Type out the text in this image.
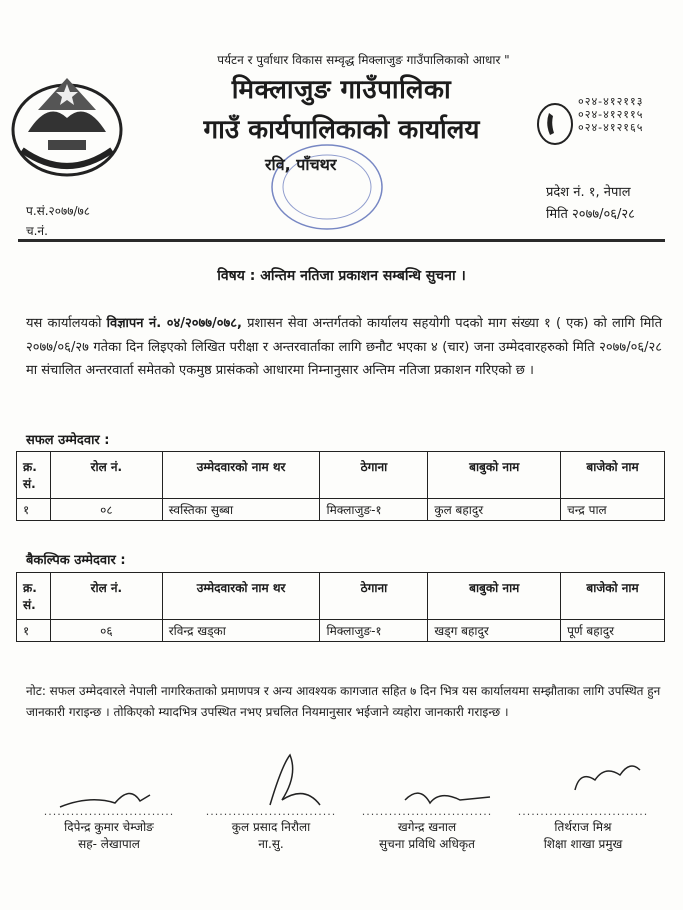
पर्यटन र पुर्वाधार विकास सम्वृद्ध मिक्लाजुङ गाउँपालिकाको आधार "
मिक्लाजुङ गाउँपालिका
गाउँ कार्यपालिकाको कार्यालय
रवि, पाँचथर
०२४-४१२११३
०२४-४१२११५
०२४-४१२१६५
प्रदेश नं. १, नेपाल
मिति २०७७/०६/२८
प.सं.२०७७/७८
च.नं.
विषय : अन्तिम नतिजा प्रकाशन सम्बन्धि सुचना ।
यस कार्यालयको विज्ञापन नं. ०४/२०७७/०७८, प्रशासन सेवा अन्तर्गतको कार्यालय सहयोगी पदको माग संख्या १ ( एक) को लागि मिति २०७७/०६/२७ गतेका दिन लिइएको लिखित परीक्षा र अन्तरवार्ताका लागि छनौट भएका ४ (चार) जना उम्मेदवारहरुको मिति २०७७/०६/२८ मा संचालित अन्तरवार्ता समेतको एकमुष्ठ प्रासंकको आधारमा निम्नानुसार अन्तिम नतिजा प्रकाशन गरिएको छ ।
सफल उम्मेदवार :
क्र. सं.	रोल नं.	उम्मेदवारको नाम थर	ठेगाना	बाबुको नाम	बाजेको नाम
१	०८	स्वस्तिका सुब्बा	मिक्लाजुङ-१	कुल बहादुर	चन्द्र पाल
बैकल्पिक उम्मेदवार :
क्र. सं.	रोल नं.	उम्मेदवारको नाम थर	ठेगाना	बाबुको नाम	बाजेको नाम
१	०६	रविन्द्र खड्का	मिक्लाजुङ-१	खड्ग बहादुर	पूर्ण बहादुर
नोट: सफल उम्मेदवारले नेपाली नागरिकताको प्रमाणपत्र र अन्य आवश्यक कागजात सहित ७ दिन भित्र यस कार्यालयमा सम्झौताका लागि उपस्थित हुन जानकारी गराइन्छ । तोकिएको म्यादभित्र उपस्थित नभए प्रचलित नियमानुसार भईजाने व्यहोरा जानकारी गराइन्छ ।
.............................
दिपेन्द्र कुमार चेम्जोङ
सह- लेखापाल
.............................
कुल प्रसाद निरौला
ना.सु.
.............................
खगेन्द्र खनाल
सुचना प्रविधि अधिकृत
.............................
तिर्थराज मिश्र
शिक्षा शाखा प्रमुख
